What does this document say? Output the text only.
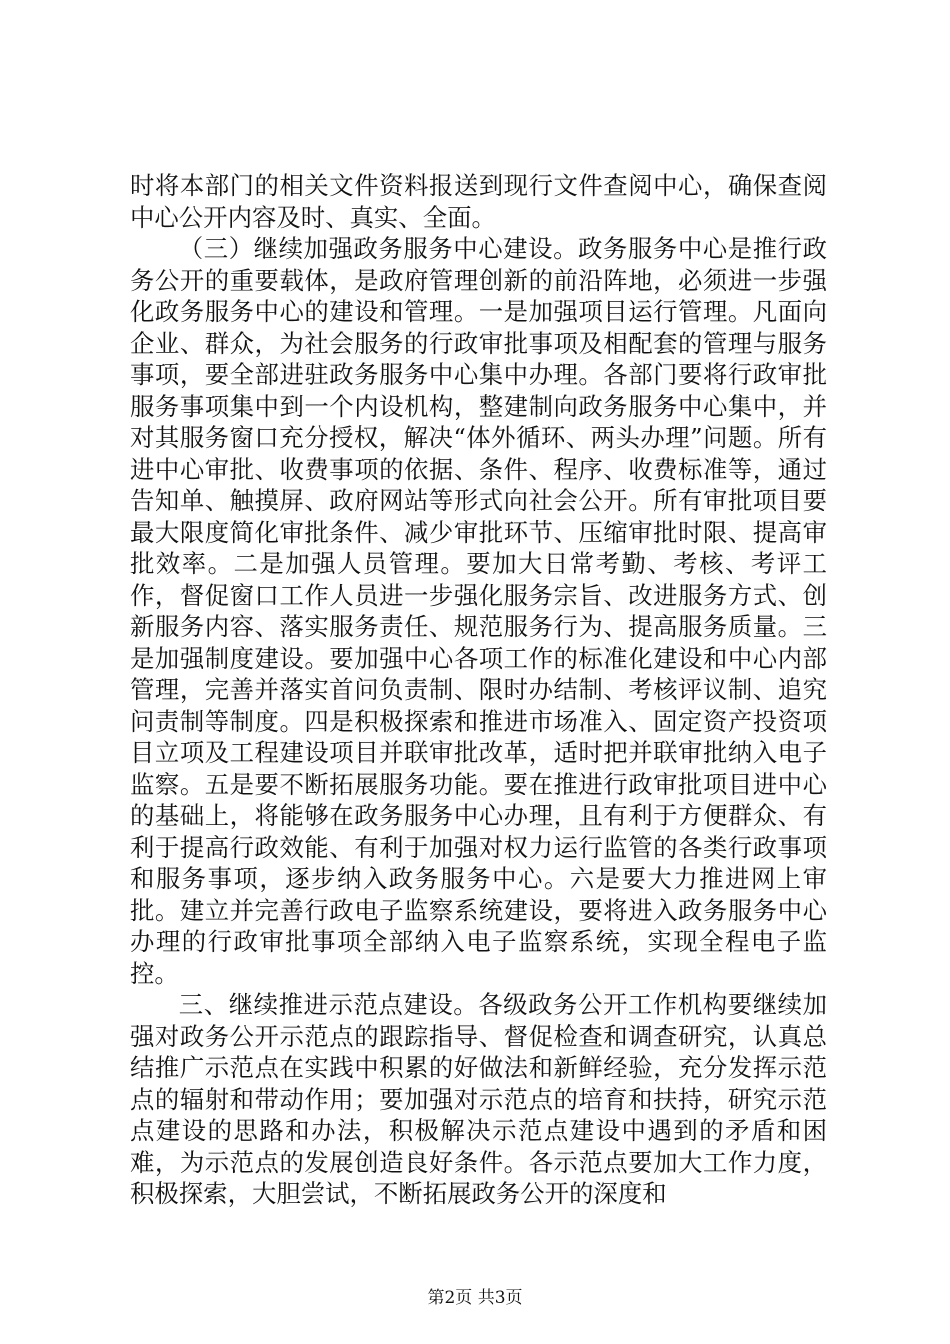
时将本部门的相关文件资料报送到现行文件查阅中心，确保查阅中心公开内容及时、真实、全面。

（三）继续加强政务服务中心建设。政务服务中心是推行政务公开的重要载体，是政府管理创新的前沿阵地，必须进一步强化政务服务中心的建设和管理。一是加强项目运行管理。凡面向企业、群众，为社会服务的行政审批事项及相配套的管理与服务事项，要全部进驻政务服务中心集中办理。各部门要将行政审批服务事项集中到一个内设机构，整建制向政务服务中心集中，并对其服务窗口充分授权，解决“体外循环、两头办理”问题。所有进中心审批、收费事项的依据、条件、程序、收费标准等，通过告知单、触摸屏、政府网站等形式向社会公开。所有审批项目要最大限度简化审批条件、减少审批环节、压缩审批时限、提高审批效率。二是加强人员管理。要加大日常考勤、考核、考评工作，督促窗口工作人员进一步强化服务宗旨、改进服务方式、创新服务内容、落实服务责任、规范服务行为、提高服务质量。三是加强制度建设。要加强中心各项工作的标准化建设和中心内部管理，完善并落实首问负责制、限时办结制、考核评议制、追究问责制等制度。四是积极探索和推进市场准入、固定资产投资项目立项及工程建设项目并联审批改革，适时把并联审批纳入电子监察。五是要不断拓展服务功能。要在推进行政审批项目进中心的基础上，将能够在政务服务中心办理，且有利于方便群众、有利于提高行政效能、有利于加强对权力运行监管的各类行政事项和服务事项，逐步纳入政务服务中心。六是要大力推进网上审批。建立并完善行政电子监察系统建设，要将进入政务服务中心办理的行政审批事项全部纳入电子监察系统，实现全程电子监控。

三、继续推进示范点建设。各级政务公开工作机构要继续加强对政务公开示范点的跟踪指导、督促检查和调查研究，认真总结推广示范点在实践中积累的好做法和新鲜经验，充分发挥示范点的辐射和带动作用；要加强对示范点的培育和扶持，研究示范点建设的思路和办法，积极解决示范点建设中遇到的矛盾和困难，为示范点的发展创造良好条件。各示范点要加大工作力度，积极探索，大胆尝试，不断拓展政务公开的深度和

第2页 共3页
